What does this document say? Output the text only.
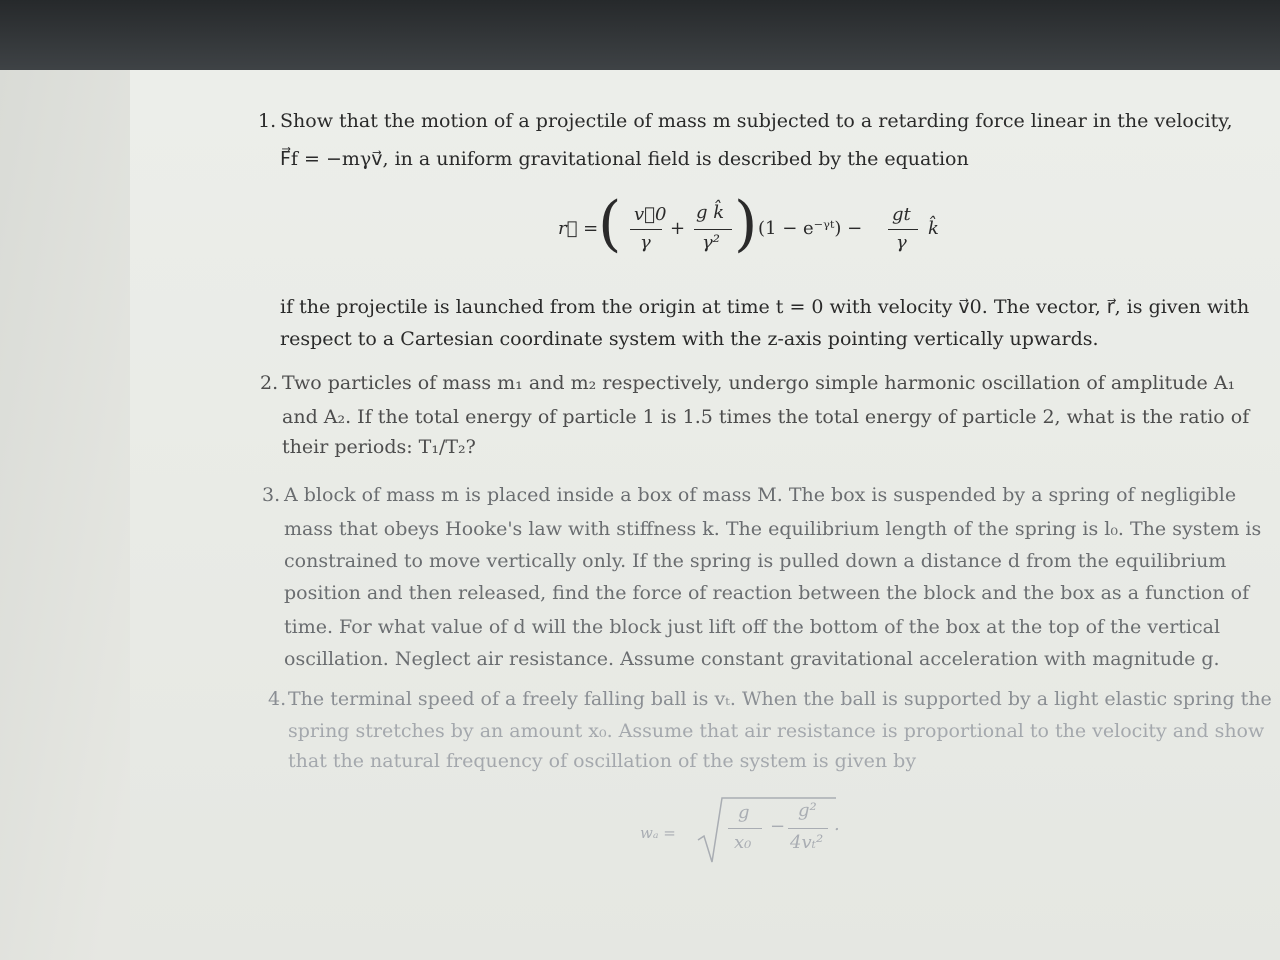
1. Show that the motion of a projectile of mass m subjected to a retarding force linear in the velocity,
F⃗f = −mγv⃗, in a uniform gravitational field is described by the equation
r⃗ = ( v⃗0
γ
+
g k̂
γ² ) (1 − e⁻ᵞᵗ) −
gt
γ
k̂
if the projectile is launched from the origin at time t = 0 with velocity v⃗0. The vector, r⃗, is given with
respect to a Cartesian coordinate system with the z-axis pointing vertically upwards.
2. Two particles of mass m₁ and m₂ respectively, undergo simple harmonic oscillation of amplitude A₁
and A₂. If the total energy of particle 1 is 1.5 times the total energy of particle 2, what is the ratio of
their periods: T₁/T₂?
3. A block of mass m is placed inside a box of mass M. The box is suspended by a spring of negligible
mass that obeys Hooke's law with stiffness k. The equilibrium length of the spring is l₀. The system is
constrained to move vertically only. If the spring is pulled down a distance d from the equilibrium
position and then released, find the force of reaction between the block and the box as a function of
time. For what value of d will the block just lift off the bottom of the box at the top of the vertical
oscillation. Neglect air resistance. Assume constant gravitational acceleration with magnitude g.
4. The terminal speed of a freely falling ball is vₜ. When the ball is supported by a light elastic spring the
spring stretches by an amount x₀. Assume that air resistance is proportional to the velocity and show
that the natural frequency of oscillation of the system is given by
wₐ =
g
x₀
−
g²
4vₜ²
.
